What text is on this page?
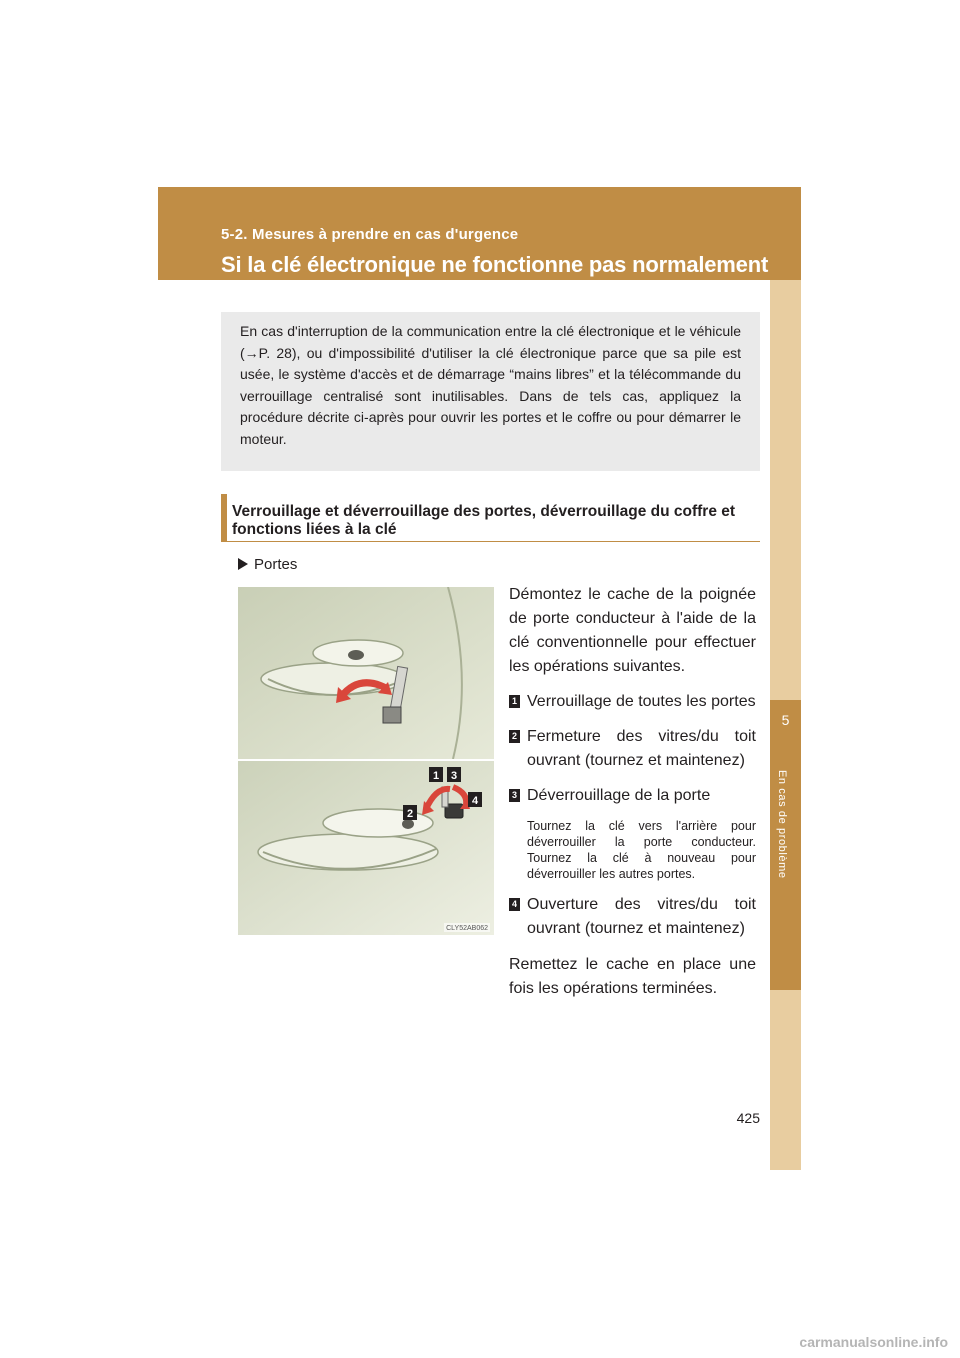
5-2. Mesures à prendre en cas d'urgence
Si la clé électronique ne fonctionne pas normalement
5
En cas de problème

En cas d'interruption de la communication entre la clé électronique et le véhicule (→P. 28), ou d'impossibilité d'utiliser la clé électronique parce que sa pile est usée, le système d'accès et de démarrage “mains libres” et la télécommande du verrouillage centralisé sont inutilisables. Dans de tels cas, appliquez la procédure décrite ci-après pour ouvrir les portes et le coffre ou pour démarrer le moteur.

Verrouillage et déverrouillage des portes, déverrouillage du coffre et fonctions liées à la clé
Portes
1 3
2
4
CLY52AB062

Démontez le cache de la poignée de porte conducteur à l'aide de la clé conventionnelle pour effectuer les opérations suivantes.

1 Verrouillage de toutes les portes
2 Fermeture des vitres/du toit ouvrant (tournez et maintenez)
3 Déverrouillage de la porte

Tournez la clé vers l'arrière pour déverrouiller la porte conducteur. Tournez la clé à nouveau pour déverrouiller les autres portes.

4 Ouverture des vitres/du toit ouvrant (tournez et maintenez)

Remettez le cache en place une fois les opérations terminées.

425
carmanualsonline.info
